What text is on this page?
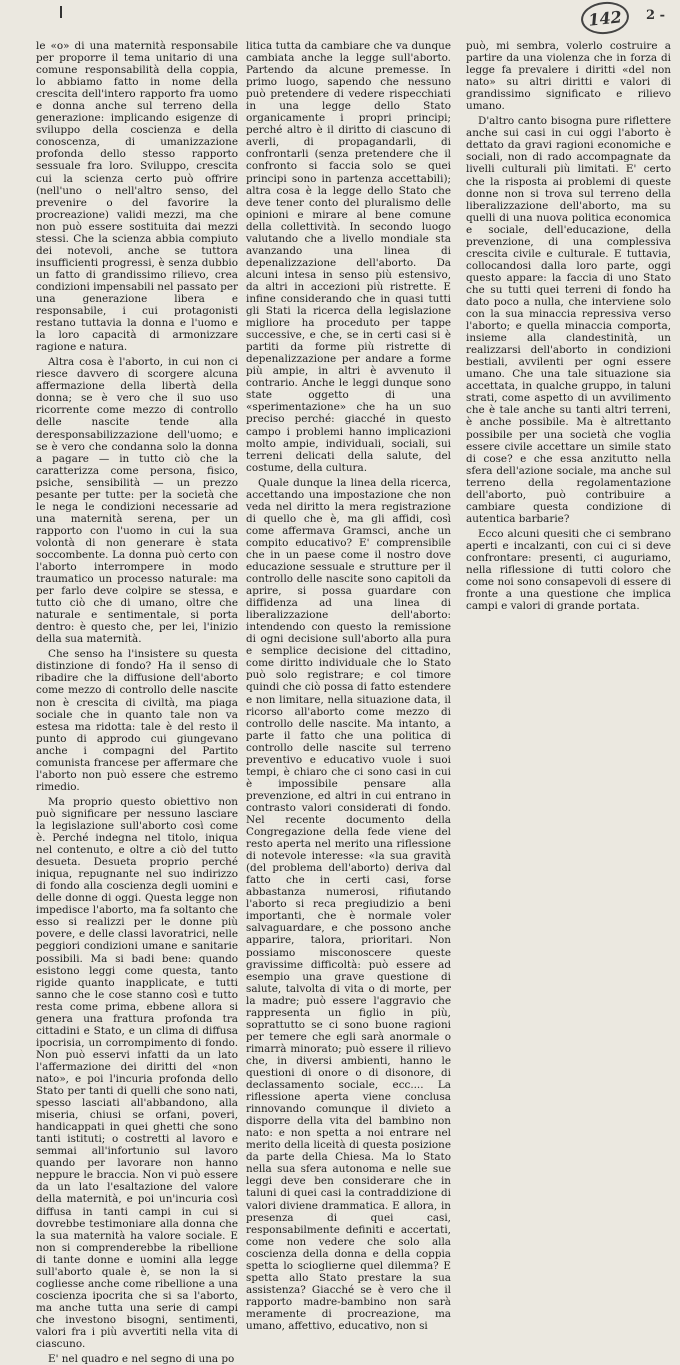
142	2 -

le «o» di una maternità responsabile per proporre il tema unitario di una comune responsabilità della coppia, lo abbiamo fatto in nome della crescita dell'intero rapporto fra uomo e donna anche sul terreno della generazione: implicando esigenze di sviluppo della coscienza e della conoscenza, di umanizzazione profonda dello stesso rapporto sessuale fra loro. Sviluppo, crescita cui la scienza certo può offrire (nell'uno o nell'altro senso, del prevenire o del favorire la procreazione) validi mezzi, ma che non può essere sostituita dai mezzi stessi. Che la scienza abbia compiuto dei notevoli, anche se tuttora insufficienti progressi, è senza dubbio un fatto di grandissimo rilievo, crea condizioni impensabili nel passato per una generazione libera e responsabile, i cui protagonisti restano tuttavia la donna e l'uomo e la loro capacità di armonizzare ragione e natura.

Altra cosa è l'aborto, in cui non ci riesce davvero di scorgere alcuna affermazione della libertà della donna; se è vero che il suo uso ricorrente come mezzo di controllo delle nascite tende alla deresponsabilizzazione dell'uomo; e se è vero che condanna solo la donna a pagare — in tutto ciò che la caratterizza come persona, fisico, psiche, sensibilità — un prezzo pesante per tutte: per la società che le nega le condizioni necessarie ad una maternità serena, per un rapporto con l'uomo in cui la sua volontà di non generare è stata soccombente. La donna può certo con l'aborto interrompere in modo traumatico un processo naturale: ma per farlo deve colpire se stessa, e tutto ciò che di umano, oltre che naturale e sentimentale, si porta dentro: è questo che, per lei, l'inizio della sua maternità.

Che senso ha l'insistere su questa distinzione di fondo? Ha il senso di ribadire che la diffusione dell'aborto come mezzo di controllo delle nascite non è crescita di civiltà, ma piaga sociale che in quanto tale non va estesa ma ridotta: tale è del resto il punto di approdo cui giungevano anche i compagni del Partito comunista francese per affermare che l'aborto non può essere che estremo rimedio.

Ma proprio questo obiettivo non può significare per nessuno lasciare la legislazione sull'aborto così come è. Perché indegna nel titolo, iniqua nel contenuto, e oltre a ciò del tutto desueta. Desueta proprio perché iniqua, repugnante nel suo indirizzo di fondo alla coscienza degli uomini e delle donne di oggi. Questa legge non impedisce l'aborto, ma fa soltanto che esso si realizzi per le donne più povere, e delle classi lavoratrici, nelle peggiori condizioni umane e sanitarie possibili. Ma si badi bene: quando esistono leggi come questa, tanto rigide quanto inapplicate, e tutti sanno che le cose stanno così e tutto resta come prima, ebbene allora si genera una frattura profonda tra cittadini e Stato, e un clima di diffusa ipocrisia, un corrompimento di fondo. Non può esservi infatti da un lato l'affermazione dei diritti del «non nato», e poi l'incuria profonda dello Stato per tanti di quelli che sono nati, spesso lasciati all'abbandono, alla miseria, chiusi se orfani, poveri, handicappati in quei ghetti che sono tanti istituti; o costretti al lavoro e semmai all'infortunio sul lavoro quando per lavorare non hanno neppure le braccia. Non vi può essere da un lato l'esaltazione del valore della maternità, e poi un'incuria così diffusa in tanti campi in cui si dovrebbe testimoniare alla donna che la sua maternità ha valore sociale. E non si comprenderebbe la ribellione di tante donne e uomini alla legge sull'aborto quale è, se non la si cogliesse anche come ribellione a una coscienza ipocrita che si sa l'aborto, ma anche tutta una serie di campi che investono bisogni, sentimenti, valori fra i più avvertiti nella vita di ciascuno.

E' nel quadro e nel segno di una po

litica tutta da cambiare che va dunque cambiata anche la legge sull'aborto. Partendo da alcune premesse. In primo luogo, sapendo che nessuno può pretendere di vedere rispecchiati in una legge dello Stato organicamente i propri principi; perché altro è il diritto di ciascuno di averli, di propagandarli, di confrontarli (senza pretendere che il confronto si faccia solo se quei principi sono in partenza accettabili); altra cosa è la legge dello Stato che deve tener conto del pluralismo delle opinioni e mirare al bene comune della collettività. In secondo luogo valutando che a livello mondiale sta avanzando una linea di depenalizzazione dell'aborto. Da alcuni intesa in senso più estensivo, da altri in accezioni più ristrette. E infine considerando che in quasi tutti gli Stati la ricerca della legislazione migliore ha proceduto per tappe successive, e che, se in certi casi si è partiti da forme più ristrette di depenalizzazione per andare a forme più ampie, in altri è avvenuto il contrario. Anche le leggi dunque sono state oggetto di una «sperimentazione» che ha un suo preciso perché: giacché in questo campo i problemi hanno implicazioni molto ampie, individuali, sociali, sui terreni delicati della salute, del costume, della cultura.

Quale dunque la linea della ricerca, accettando una impostazione che non veda nel diritto la mera registrazione di quello che è, ma gli affidi, così come affermava Gramsci, anche un compito educativo? E' comprensibile che in un paese come il nostro dove educazione sessuale e strutture per il controllo delle nascite sono capitoli da aprire, si possa guardare con diffidenza ad una linea di liberalizzazione dell'aborto: intendendo con questo la remissione di ogni decisione sull'aborto alla pura e semplice decisione del cittadino, come diritto individuale che lo Stato può solo registrare; e col timore quindi che ciò possa di fatto estendere e non limitare, nella situazione data, il ricorso all'aborto come mezzo di controllo delle nascite. Ma intanto, a parte il fatto che una politica di controllo delle nascite sul terreno preventivo e educativo vuole i suoi tempi, è chiaro che ci sono casi in cui è impossibile pensare alla prevenzione, ed altri in cui entrano in contrasto valori considerati di fondo. Nel recente documento della Congregazione della fede viene del resto aperta nel merito una riflessione di notevole interesse: «la sua gravità (del problema dell'aborto) deriva dal fatto che in certi casi, forse abbastanza numerosi, rifiutando l'aborto si reca pregiudizio a beni importanti, che è normale voler salvaguardare, e che possono anche apparire, talora, prioritari. Non possiamo misconoscere queste gravissime difficoltà: può essere ad esempio una grave questione di salute, talvolta di vita o di morte, per la madre; può essere l'aggravio che rappresenta un figlio in più, soprattutto se ci sono buone ragioni per temere che egli sarà anormale o rimarrà minorato; può essere il rilievo che, in diversi ambienti, hanno le questioni di onore o di disonore, di declassamento sociale, ecc.... La riflessione aperta viene conclusa rinnovando comunque il divieto a disporre della vita del bambino non nato: e non spetta a noi entrare nel merito della liceità di questa posizione da parte della Chiesa. Ma lo Stato nella sua sfera autonoma e nelle sue leggi deve ben considerare che in taluni di quei casi la contraddizione di valori diviene drammatica. E allora, in presenza di quei casi, responsabilmente definiti e accertati, come non vedere che solo alla coscienza della donna e della coppia spetta lo scioglierne quel dilemma? E spetta allo Stato prestare la sua assistenza? Giacché se è vero che il rapporto madre-bambino non sarà meramente di procreazione, ma umano, affettivo, educativo, non si

può, mi sembra, volerlo costruire a partire da una violenza che in forza di legge fa prevalere i diritti «del non nato» su altri diritti e valori di grandissimo significato e rilievo umano.

D'altro canto bisogna pure riflettere anche sui casi in cui oggi l'aborto è dettato da gravi ragioni economiche e sociali, non di rado accompagnate da livelli culturali più limitati. E' certo che la risposta ai problemi di queste donne non si trova sul terreno della liberalizzazione dell'aborto, ma su quelli di una nuova politica economica e sociale, dell'educazione, della prevenzione, di una complessiva crescita civile e culturale. E tuttavia, collocandosi dalla loro parte, oggi questo appare: la faccia di uno Stato che su tutti quei terreni di fondo ha dato poco a nulla, che interviene solo con la sua minaccia repressiva verso l'aborto; e quella minaccia comporta, insieme alla clandestinità, un realizzarsi dell'aborto in condizioni bestiali, avvilenti per ogni essere umano. Che una tale situazione sia accettata, in qualche gruppo, in taluni strati, come aspetto di un avvilimento che è tale anche su tanti altri terreni, è anche possibile. Ma è altrettanto possibile per una società che voglia essere civile accettare un simile stato di cose? e che essa anzitutto nella sfera dell'azione sociale, ma anche sul terreno della regolamentazione dell'aborto, può contribuire a cambiare questa condizione di autentica barbarie?

Ecco alcuni quesiti che ci sembrano aperti e incalzanti, con cui ci si deve confrontare: presenti, ci auguriamo, nella riflessione di tutti coloro che come noi sono consapevoli di essere di fronte a una questione che implica campi e valori di grande portata.
